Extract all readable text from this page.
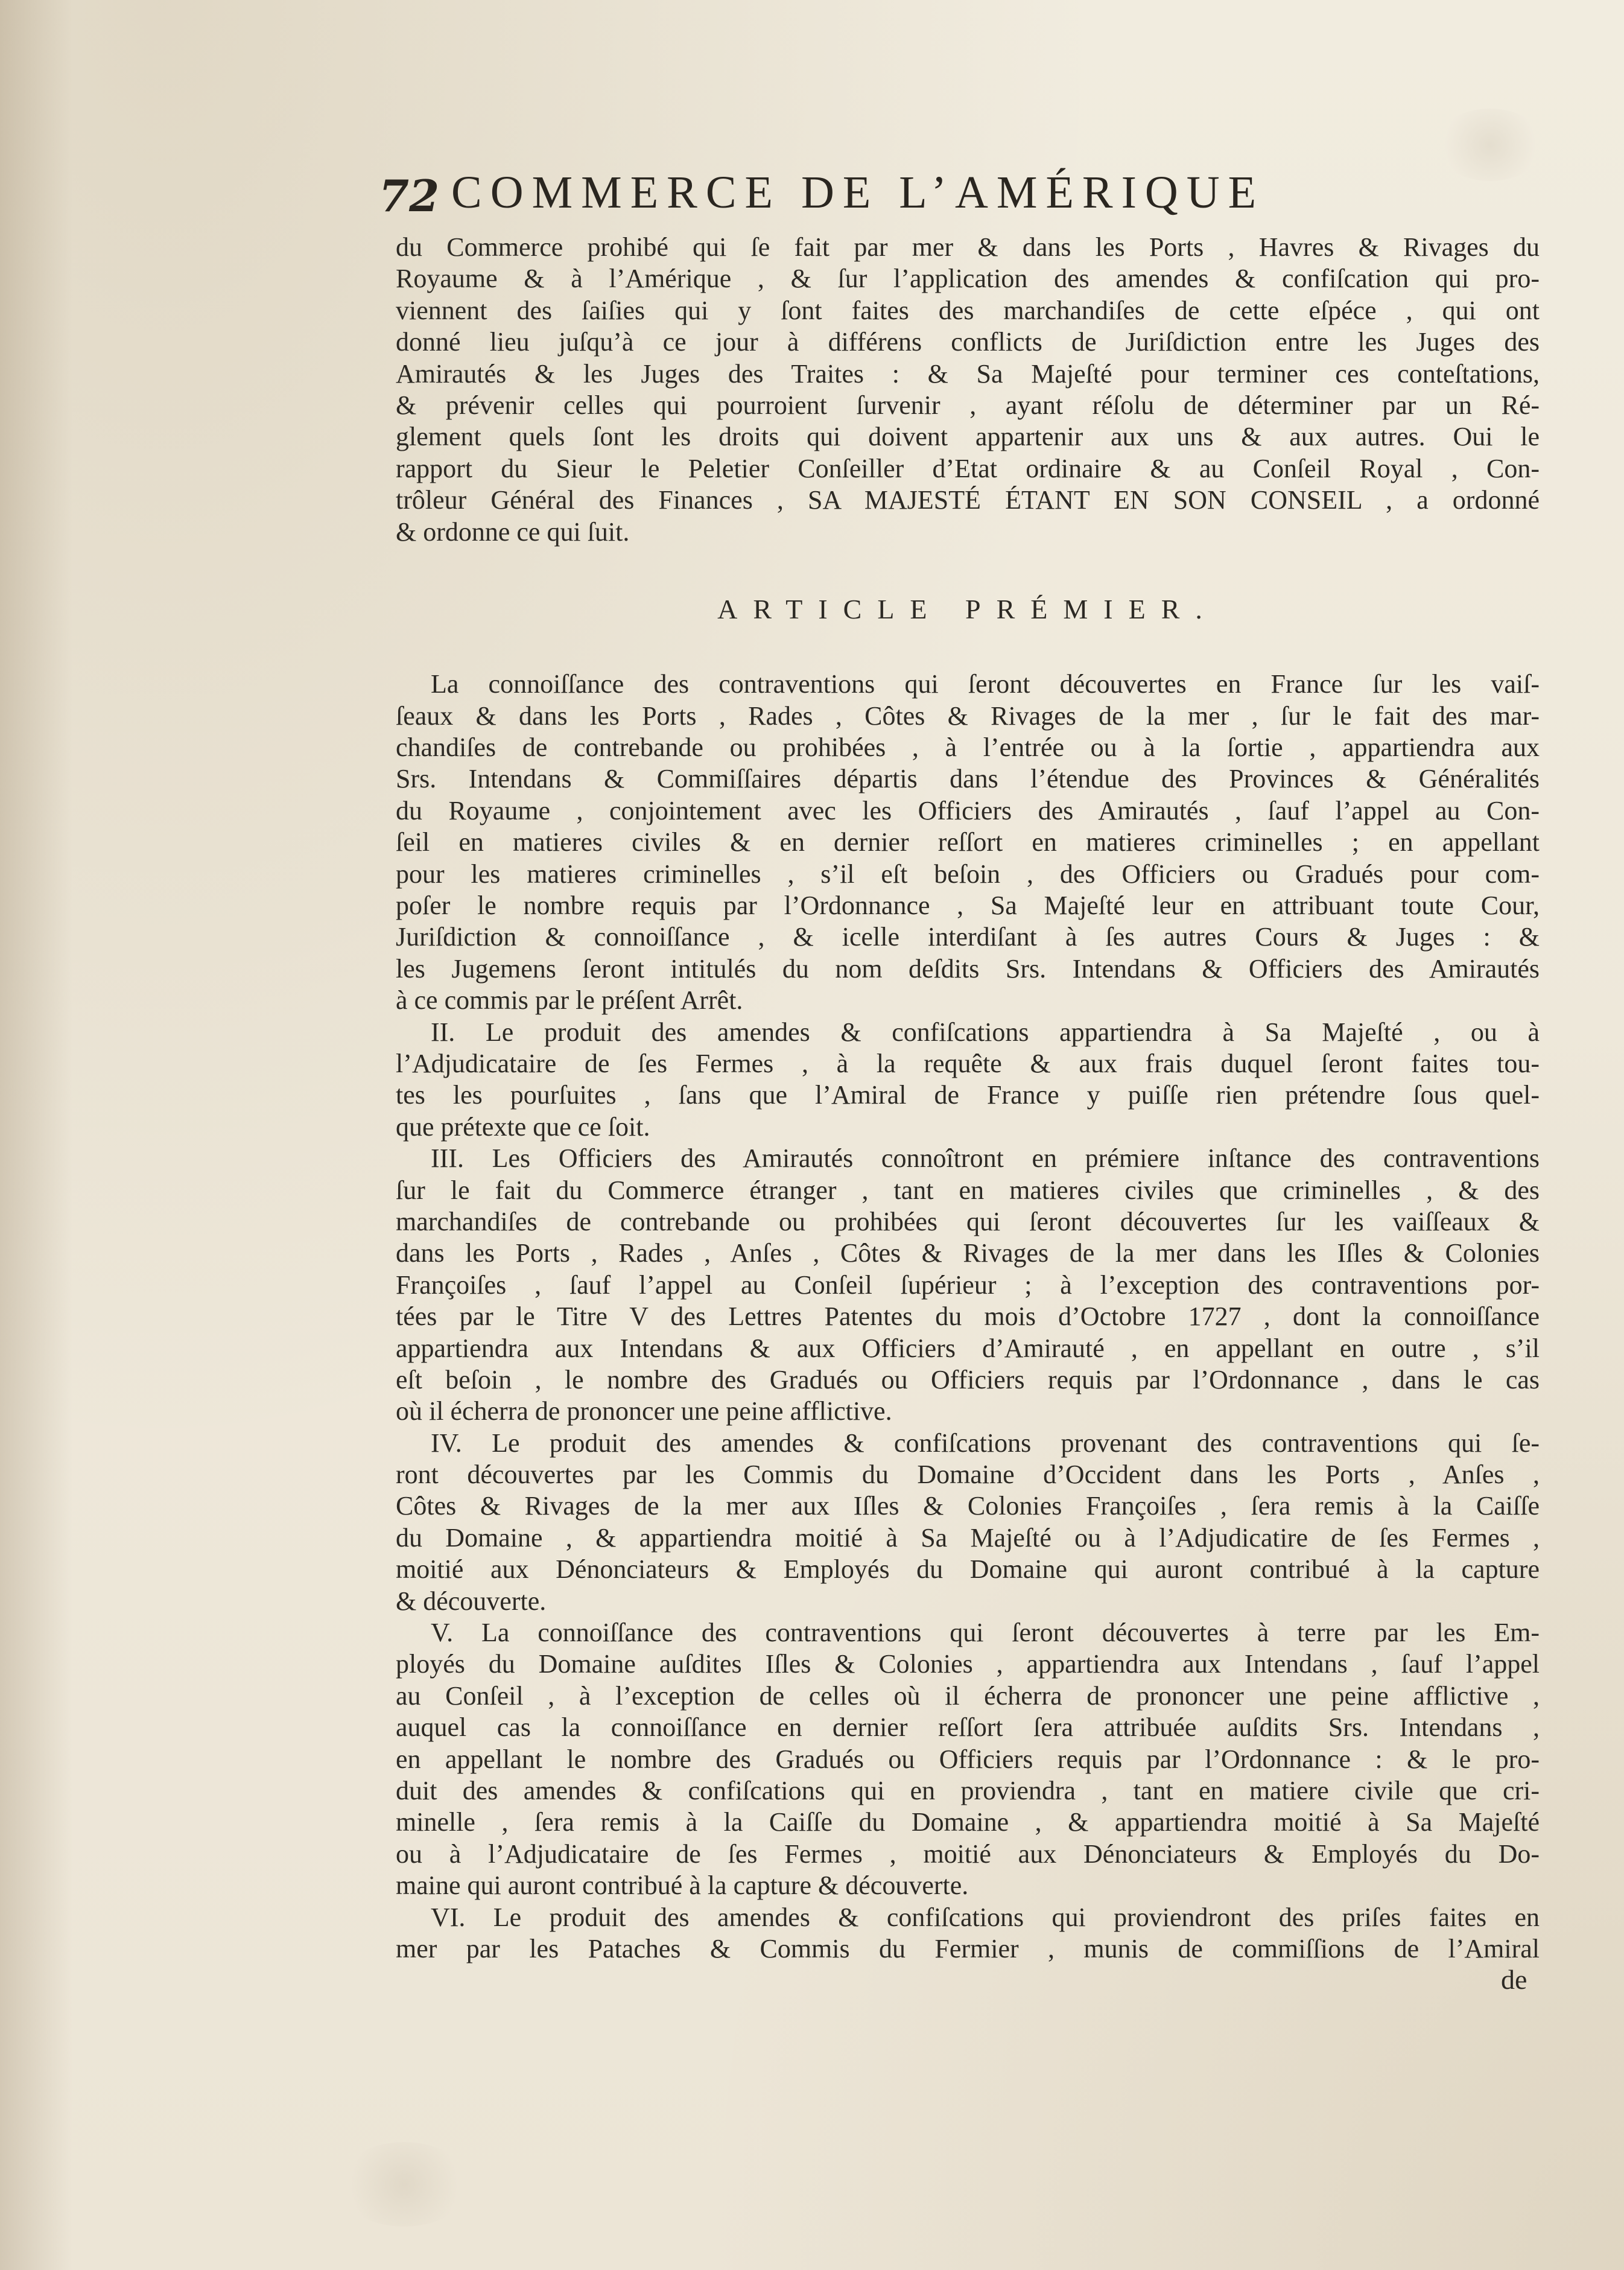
72 COMMERCE DE L’AMÉRIQUE
du Commerce prohibé qui ſe fait par mer & dans les Ports , Havres & Rivages du
Royaume & à l’Amérique , & ſur l’application des amendes & confiſcation qui pro-
viennent des ſaiſies qui y ſont faites des marchandiſes de cette eſpéce , qui ont
donné lieu juſqu’à ce jour à différens conflicts de Juriſdiction entre les Juges des
Amirautés & les Juges des Traites : & Sa Majeſté pour terminer ces conteſtations,
& prévenir celles qui pourroient ſurvenir , ayant réſolu de déterminer par un Ré-
glement quels ſont les droits qui doivent appartenir aux uns & aux autres. Oui le
rapport du Sieur le Peletier Conſeiller d’Etat ordinaire & au Conſeil Royal , Con-
trôleur Général des Finances , SA MAJESTÉ ÉTANT EN SON CONSEIL , a ordonné
& ordonne ce qui ſuit.
ARTICLE PRÉMIER.
La connoiſſance des contraventions qui ſeront découvertes en France ſur les vaiſ-
ſeaux & dans les Ports , Rades , Côtes & Rivages de la mer , ſur le fait des mar-
chandiſes de contrebande ou prohibées , à l’entrée ou à la ſortie , appartiendra aux
Srs. Intendans & Commiſſaires départis dans l’étendue des Provinces & Généralités
du Royaume , conjointement avec les Officiers des Amirautés , ſauf l’appel au Con-
ſeil en matieres civiles & en dernier reſſort en matieres criminelles ; en appellant
pour les matieres criminelles , s’il eſt beſoin , des Officiers ou Gradués pour com-
poſer le nombre requis par l’Ordonnance , Sa Majeſté leur en attribuant toute Cour,
Juriſdiction & connoiſſance , & icelle interdiſant à ſes autres Cours & Juges : &
les Jugemens ſeront intitulés du nom deſdits Srs. Intendans & Officiers des Amirautés
à ce commis par le préſent Arrêt.
II. Le produit des amendes & confiſcations appartiendra à Sa Majeſté , ou à
l’Adjudicataire de ſes Fermes , à la requête & aux frais duquel ſeront faites tou-
tes les pourſuites , ſans que l’Amiral de France y puiſſe rien prétendre ſous quel-
que prétexte que ce ſoit.
III. Les Officiers des Amirautés connoîtront en prémiere inſtance des contraventions
ſur le fait du Commerce étranger , tant en matieres civiles que criminelles , & des
marchandiſes de contrebande ou prohibées qui ſeront découvertes ſur les vaiſſeaux &
dans les Ports , Rades , Anſes , Côtes & Rivages de la mer dans les Iſles & Colonies
Françoiſes , ſauf l’appel au Conſeil ſupérieur ; à l’exception des contraventions por-
tées par le Titre V des Lettres Patentes du mois d’Octobre 1727 , dont la connoiſſance
appartiendra aux Intendans & aux Officiers d’Amirauté , en appellant en outre , s’il
eſt beſoin , le nombre des Gradués ou Officiers requis par l’Ordonnance , dans le cas
où il écherra de prononcer une peine afflictive.
IV. Le produit des amendes & confiſcations provenant des contraventions qui ſe-
ront découvertes par les Commis du Domaine d’Occident dans les Ports , Anſes ,
Côtes & Rivages de la mer aux Iſles & Colonies Françoiſes , ſera remis à la Caiſſe
du Domaine , & appartiendra moitié à Sa Majeſté ou à l’Adjudicatire de ſes Fermes ,
moitié aux Dénonciateurs & Employés du Domaine qui auront contribué à la capture
& découverte.
V. La connoiſſance des contraventions qui ſeront découvertes à terre par les Em-
ployés du Domaine auſdites Iſles & Colonies , appartiendra aux Intendans , ſauf l’appel
au Conſeil , à l’exception de celles où il écherra de prononcer une peine afflictive ,
auquel cas la connoiſſance en dernier reſſort ſera attribuée auſdits Srs. Intendans ,
en appellant le nombre des Gradués ou Officiers requis par l’Ordonnance : & le pro-
duit des amendes & confiſcations qui en proviendra , tant en matiere civile que cri-
minelle , ſera remis à la Caiſſe du Domaine , & appartiendra moitié à Sa Majeſté
ou à l’Adjudicataire de ſes Fermes , moitié aux Dénonciateurs & Employés du Do-
maine qui auront contribué à la capture & découverte.
VI. Le produit des amendes & confiſcations qui proviendront des priſes faites en
mer par les Pataches & Commis du Fermier , munis de commiſſions de l’Amiral
de
